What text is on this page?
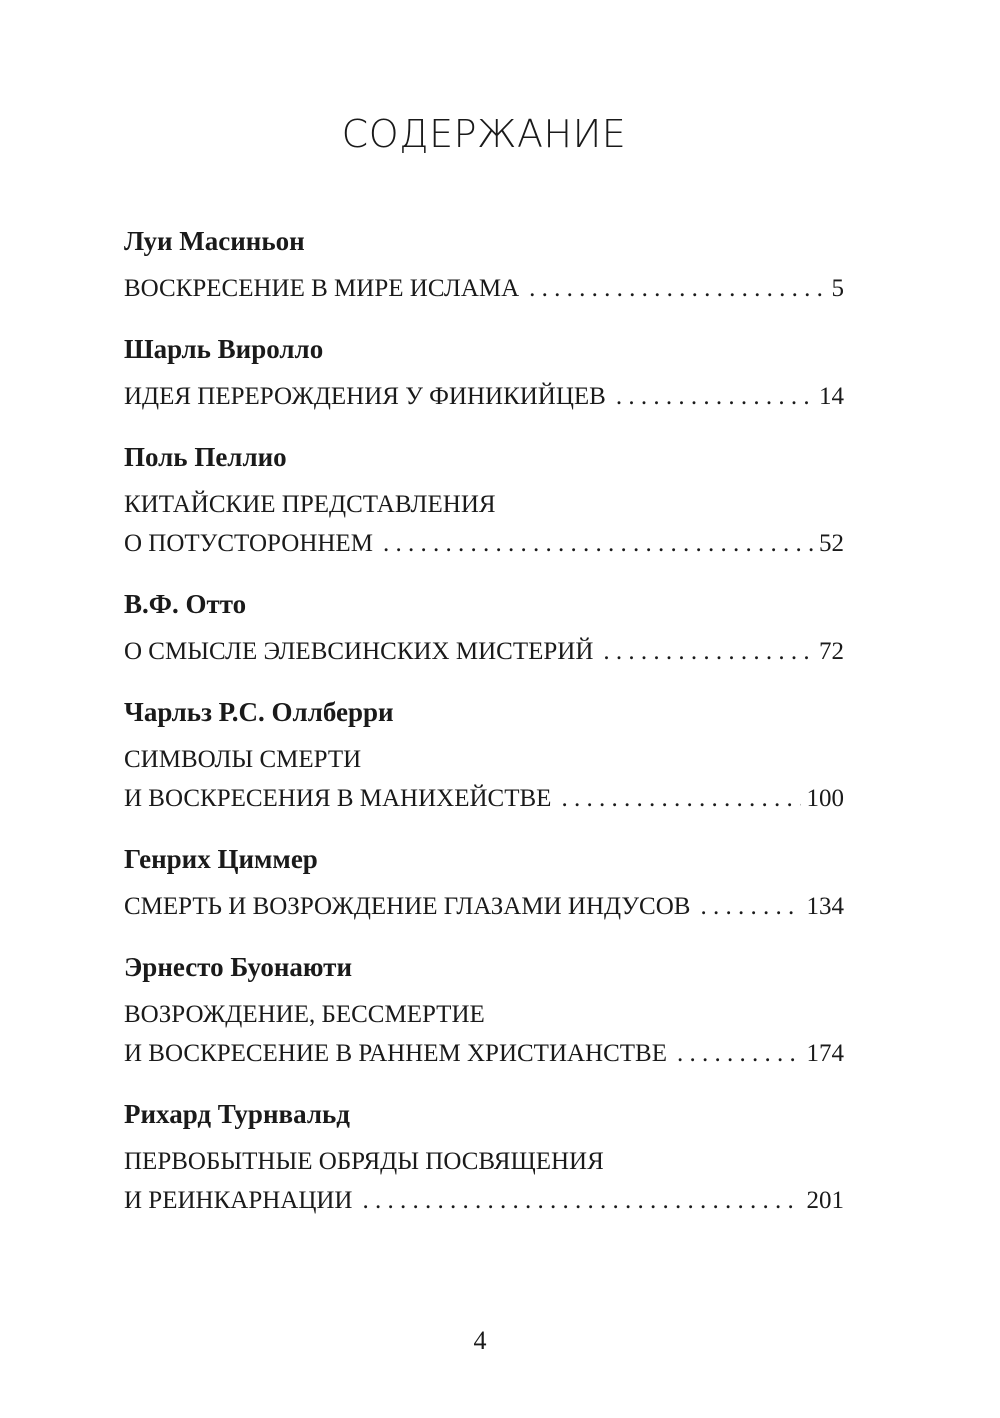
СОДЕРЖАНИЕ
Луи Масиньон
ВОСКРЕСЕНИЕ В МИРЕ ИСЛАМА . . .	5
Шарль Виролло
ИДЕЯ ПЕРЕРОЖДЕНИЯ У ФИНИКИЙЦЕВ . . .	14
Поль Пеллио
КИТАЙСКИЕ ПРЕДСТАВЛЕНИЯ
О ПОТУСТОРОННЕМ . . .	52
В.Ф. Отто
О СМЫСЛЕ ЭЛЕВСИНСКИХ МИСТЕРИЙ . . .	72
Чарльз Р.С. Оллберри
СИМВОЛЫ СМЕРТИ
И ВОСКРЕСЕНИЯ В МАНИХЕЙСТВЕ . . .	100
Генрих Циммер
СМЕРТЬ И ВОЗРОЖДЕНИЕ ГЛАЗАМИ ИНДУСОВ . . .	134
Эрнесто Буонаюти
ВОЗРОЖДЕНИЕ, БЕССМЕРТИЕ
И ВОСКРЕСЕНИЕ В РАННЕМ ХРИСТИАНСТВЕ . . .	174
Рихард Турнвальд
ПЕРВОБЫТНЫЕ ОБРЯДЫ ПОСВЯЩЕНИЯ
И РЕИНКАРНАЦИИ . . .	201
4
